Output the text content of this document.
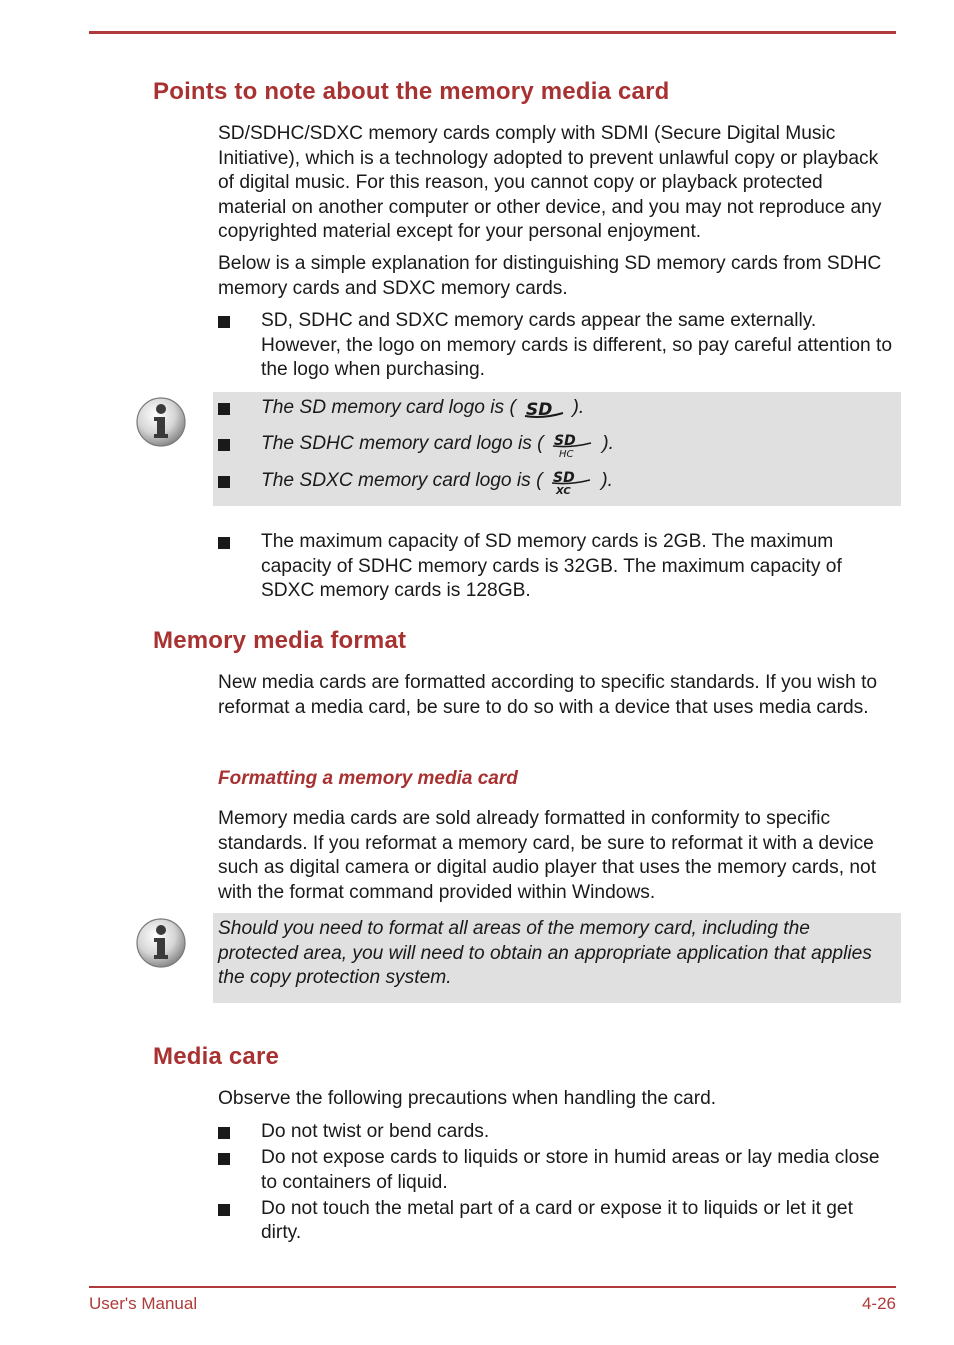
Points to note about the memory media card

SD/SDHC/SDXC memory cards comply with SDMI (Secure Digital Music Initiative), which is a technology adopted to prevent unlawful copy or playback of digital music. For this reason, you cannot copy or playback protected material on another computer or other device, and you may not reproduce any copyrighted material except for your personal enjoyment.

Below is a simple explanation for distinguishing SD memory cards from SDHC memory cards and SDXC memory cards.

SD, SDHC and SDXC memory cards appear the same externally. However, the logo on memory cards is different, so pay careful attention to the logo when purchasing.
The SD memory card logo is ( SD ).
The SDHC memory card logo is ( SD
HC
).
The SDXC memory card logo is ( SD
XC
).
The maximum capacity of SD memory cards is 2GB. The maximum capacity of SDHC memory cards is 32GB. The maximum capacity of SDXC memory cards is 128GB.
Memory media format

New media cards are formatted according to specific standards. If you wish to reformat a media card, be sure to do so with a device that uses media cards.

Formatting a memory media card

Memory media cards are sold already formatted in conformity to specific standards. If you reformat a memory card, be sure to reformat it with a device such as digital camera or digital audio player that uses the memory cards, not with the format command provided within Windows.

Should you need to format all areas of the memory card, including the protected area, you will need to obtain an appropriate application that applies the copy protection system.

Media care

Observe the following precautions when handling the card.

Do not twist or bend cards.
Do not expose cards to liquids or store in humid areas or lay media close to containers of liquid.
Do not touch the metal part of a card or expose it to liquids or let it get dirty.
User's Manual	4-26
